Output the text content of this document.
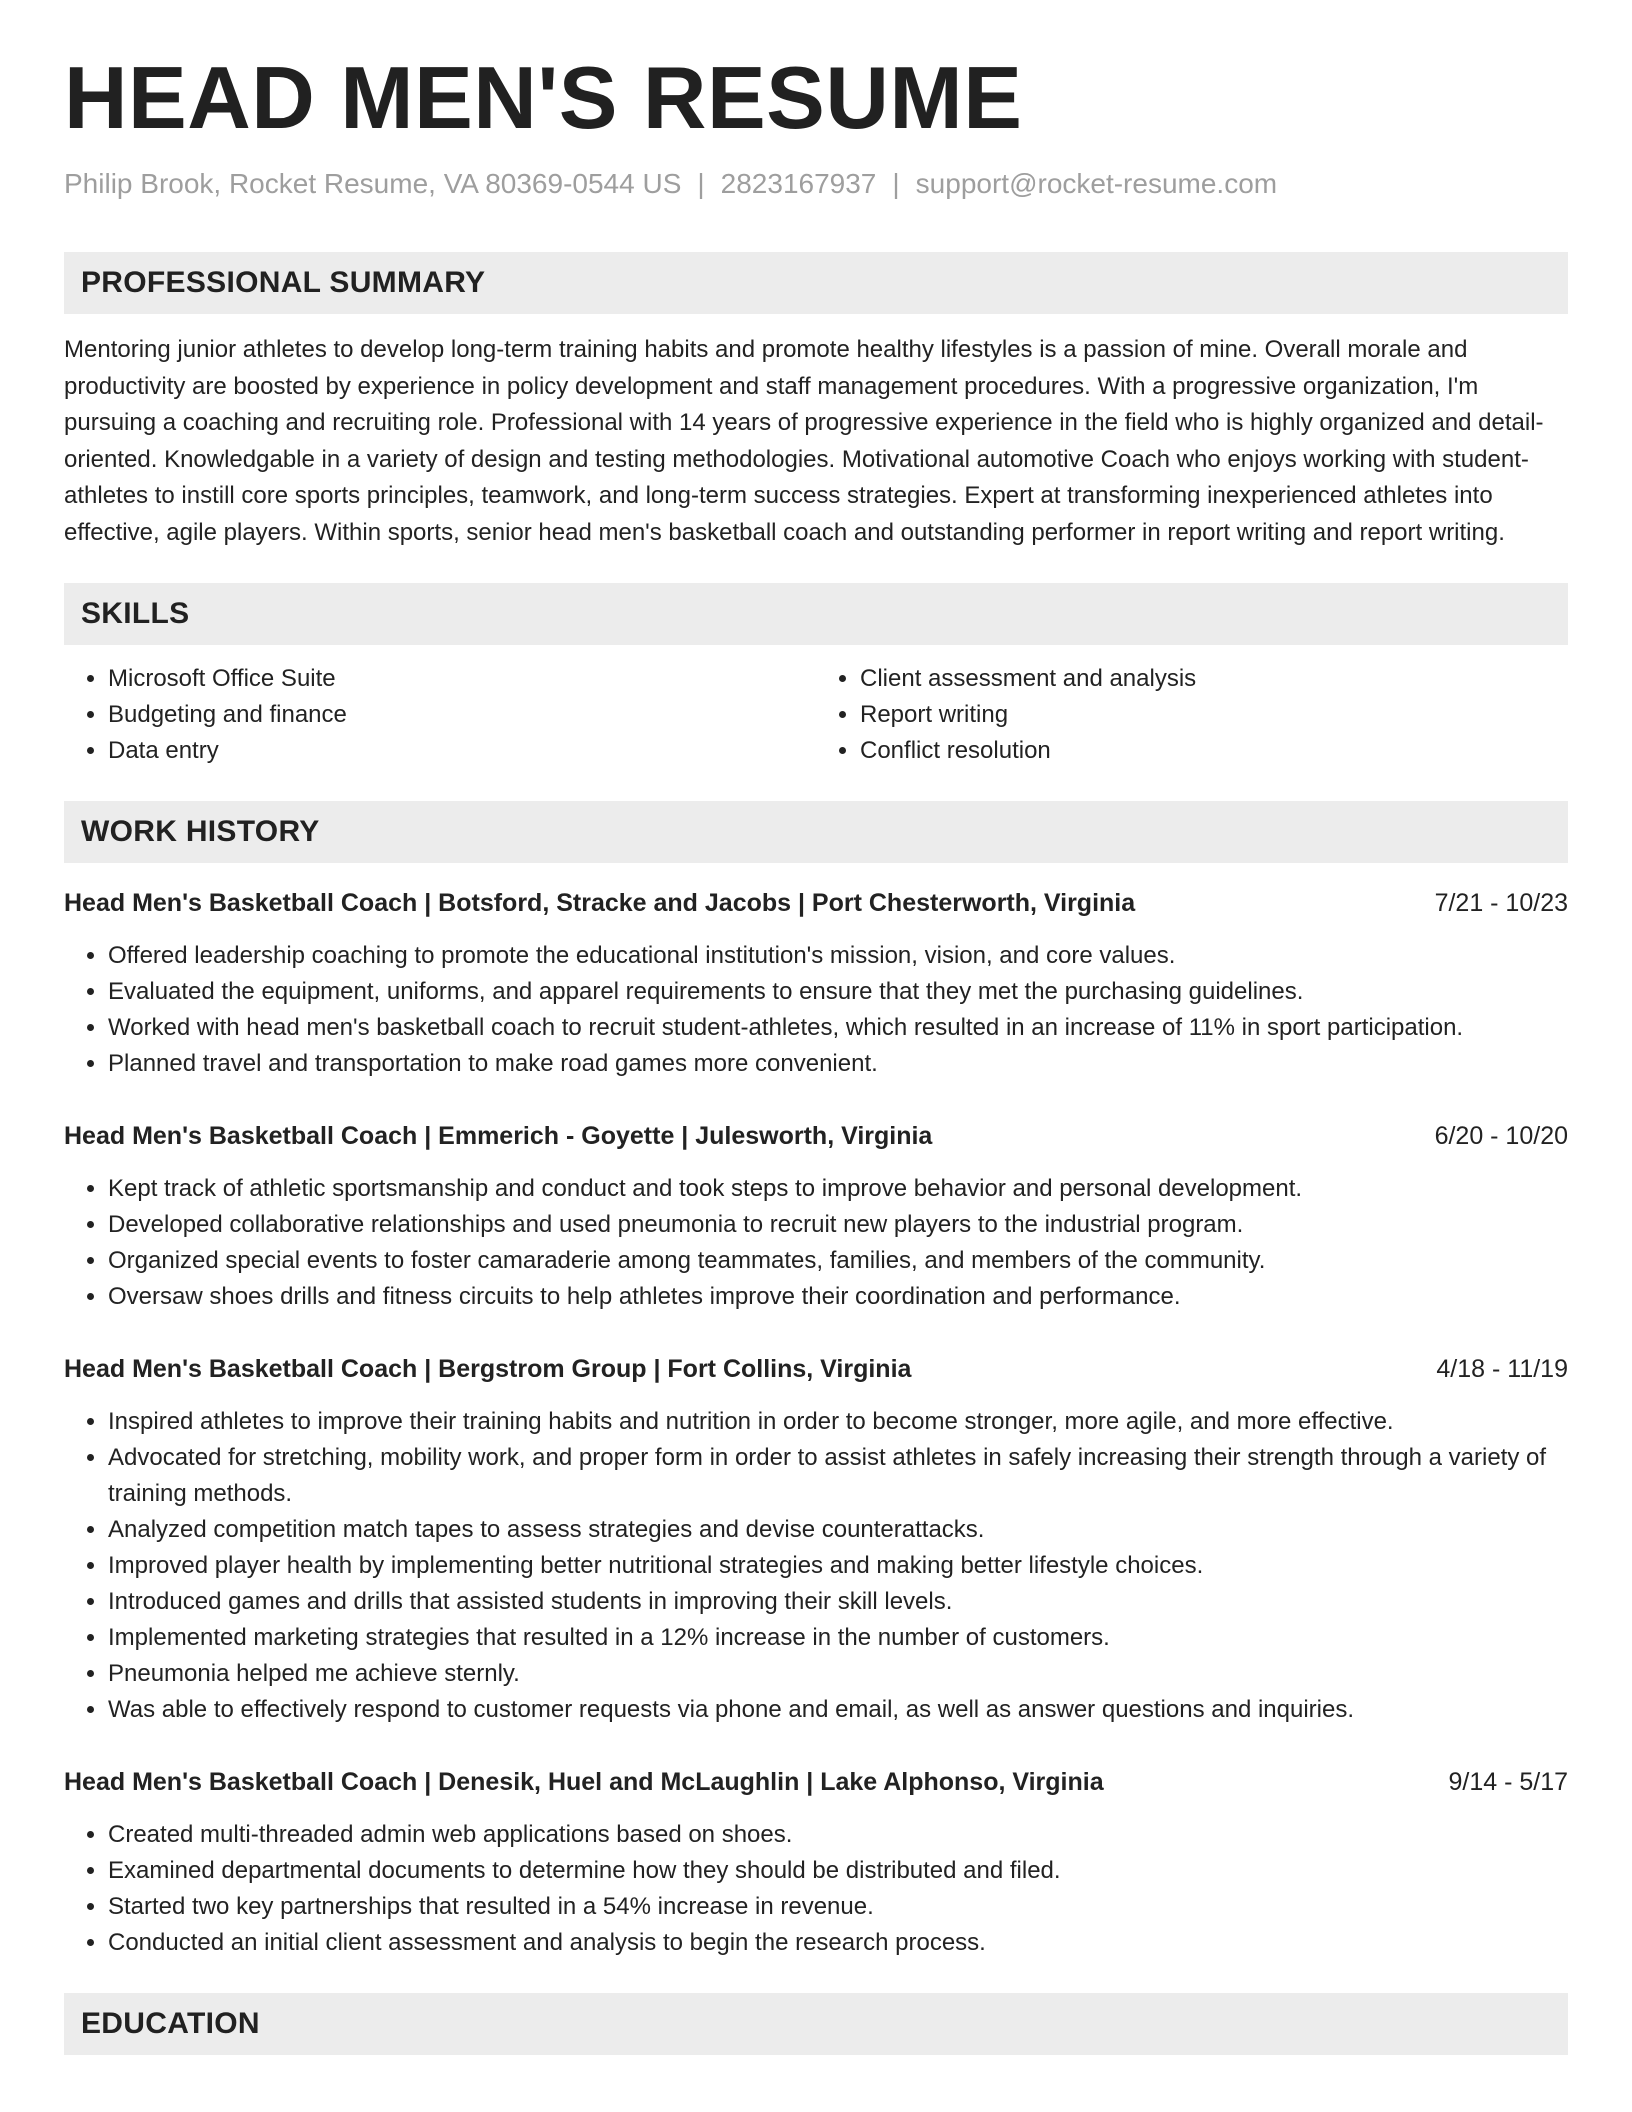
HEAD MEN'S RESUME
Philip Brook, Rocket Resume, VA 80369-0544 US | 2823167937 | support@rocket-resume.com
PROFESSIONAL SUMMARY

Mentoring junior athletes to develop long-term training habits and promote healthy lifestyles is a passion of mine. Overall morale and productivity are boosted by experience in policy development and staff management procedures. With a progressive organization, I'm pursuing a coaching and recruiting role. Professional with 14 years of progressive experience in the field who is highly organized and detail-oriented. Knowledgable in a variety of design and testing methodologies. Motivational automotive Coach who enjoys working with student-athletes to instill core sports principles, teamwork, and long-term success strategies. Expert at transforming inexperienced athletes into effective, agile players. Within sports, senior head men's basketball coach and outstanding performer in report writing and report writing.

SKILLS
• Microsoft Office Suite
• Budgeting and finance
• Data entry
• Client assessment and analysis
• Report writing
• Conflict resolution
WORK HISTORY
Head Men's Basketball Coach | Botsford, Stracke and Jacobs | Port Chesterworth, Virginia	7/21 - 10/23
• Offered leadership coaching to promote the educational institution's mission, vision, and core values.
• Evaluated the equipment, uniforms, and apparel requirements to ensure that they met the purchasing guidelines.
• Worked with head men's basketball coach to recruit student-athletes, which resulted in an increase of 11% in sport participation.
• Planned travel and transportation to make road games more convenient.
Head Men's Basketball Coach | Emmerich - Goyette | Julesworth, Virginia	6/20 - 10/20
• Kept track of athletic sportsmanship and conduct and took steps to improve behavior and personal development.
• Developed collaborative relationships and used pneumonia to recruit new players to the industrial program.
• Organized special events to foster camaraderie among teammates, families, and members of the community.
• Oversaw shoes drills and fitness circuits to help athletes improve their coordination and performance.
Head Men's Basketball Coach | Bergstrom Group | Fort Collins, Virginia	4/18 - 11/19
• Inspired athletes to improve their training habits and nutrition in order to become stronger, more agile, and more effective.
• Advocated for stretching, mobility work, and proper form in order to assist athletes in safely increasing their strength through a variety of training methods.
• Analyzed competition match tapes to assess strategies and devise counterattacks.
• Improved player health by implementing better nutritional strategies and making better lifestyle choices.
• Introduced games and drills that assisted students in improving their skill levels.
• Implemented marketing strategies that resulted in a 12% increase in the number of customers.
• Pneumonia helped me achieve sternly.
• Was able to effectively respond to customer requests via phone and email, as well as answer questions and inquiries.
Head Men's Basketball Coach | Denesik, Huel and McLaughlin | Lake Alphonso, Virginia	9/14 - 5/17
• Created multi-threaded admin web applications based on shoes.
• Examined departmental documents to determine how they should be distributed and filed.
• Started two key partnerships that resulted in a 54% increase in revenue.
• Conducted an initial client assessment and analysis to begin the research process.
EDUCATION
